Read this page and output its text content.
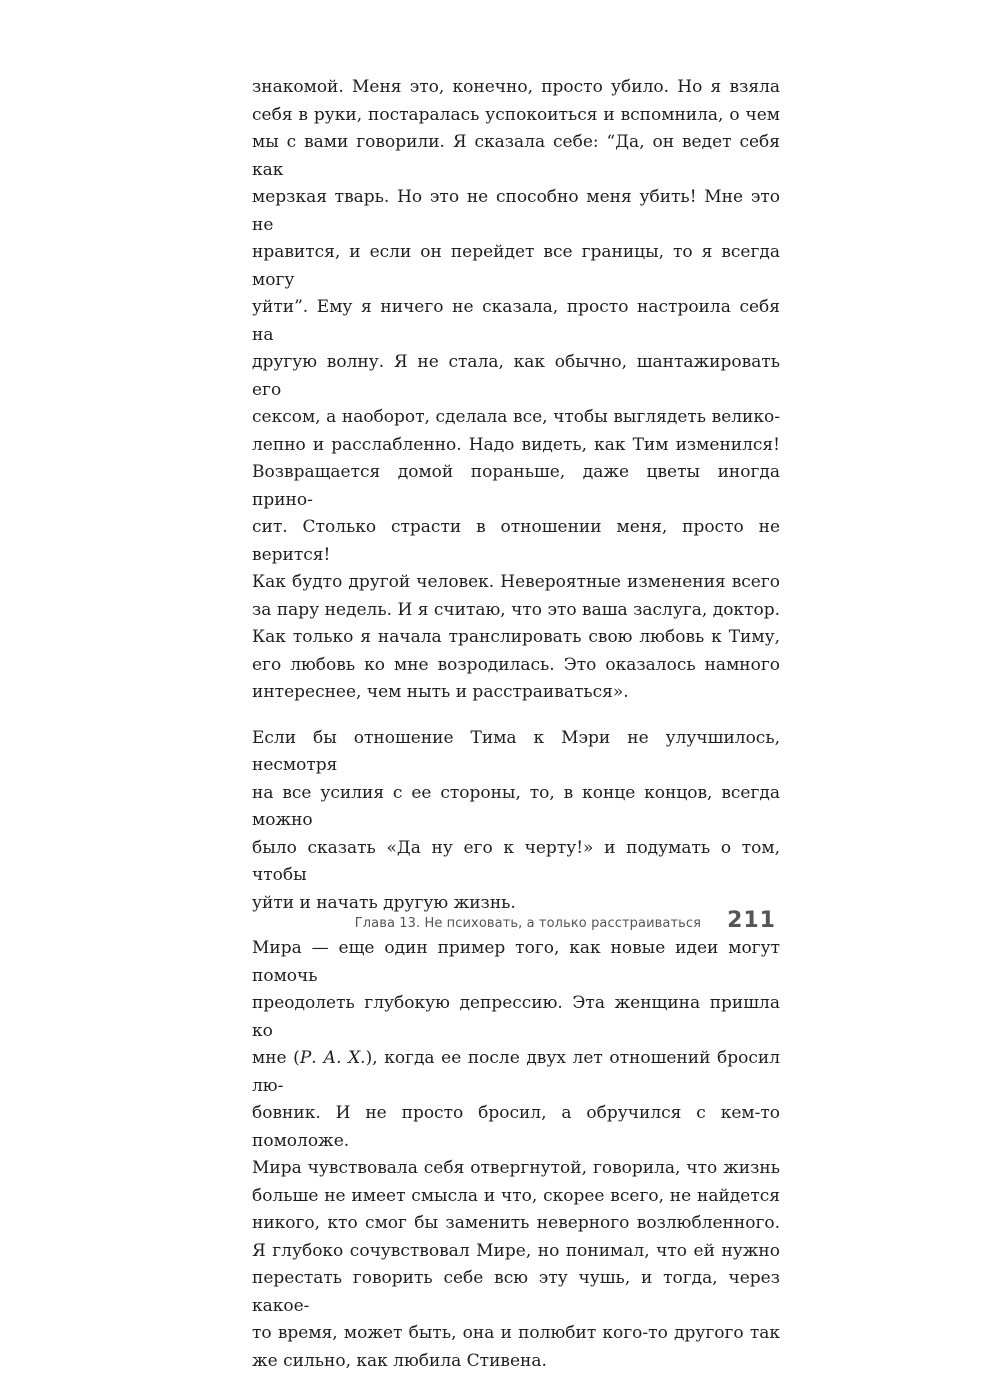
знакомой. Меня это, конечно, просто убило. Но я взяла
себя в руки, постаралась успокоиться и вспомнила, о чем
мы с вами говорили. Я сказала себе: “Да, он ведет себя как
мерзкая тварь. Но это не способно меня убить! Мне это не
нравится, и если он перейдет все границы, то я всегда могу
уйти”. Ему я ничего не сказала, просто настроила себя на
другую волну. Я не стала, как обычно, шантажировать его
сексом, а наоборот, сделала все, чтобы выглядеть велико-
лепно и расслабленно. Надо видеть, как Тим изменился!
Возвращается домой пораньше, даже цветы иногда прино-
сит. Столько страсти в отношении меня, просто не верится!
Как будто другой человек. Невероятные изменения всего
за пару недель. И я считаю, что это ваша заслуга, доктор.
Как только я начала транслировать свою любовь к Тиму,
его любовь ко мне возродилась. Это оказалось намного
интереснее, чем ныть и расстраиваться».

Если бы отношение Тима к Мэри не улучшилось, несмотря
на все усилия с ее стороны, то, в конце концов, всегда можно
было сказать «Да ну его к черту!» и подумать о том, чтобы
уйти и начать другую жизнь.

Мира — еще один пример того, как новые идеи могут помочь
преодолеть глубокую депрессию. Эта женщина пришла ко
мне (Р. А. Х.), когда ее после двух лет отношений бросил лю-
бовник. И не просто бросил, а обручился с кем-то помоложе.
Мира чувствовала себя отвергнутой, говорила, что жизнь
больше не имеет смысла и что, скорее всего, не найдется
никого, кто смог бы заменить неверного возлюбленного.
Я глубоко сочувствовал Мире, но понимал, что ей нужно
перестать говорить себе всю эту чушь, и тогда, через какое-
то время, может быть, она и полюбит кого-то другого так
же сильно, как любила Стивена.

Глава 13. Не психовать, а только расстраиваться 211
